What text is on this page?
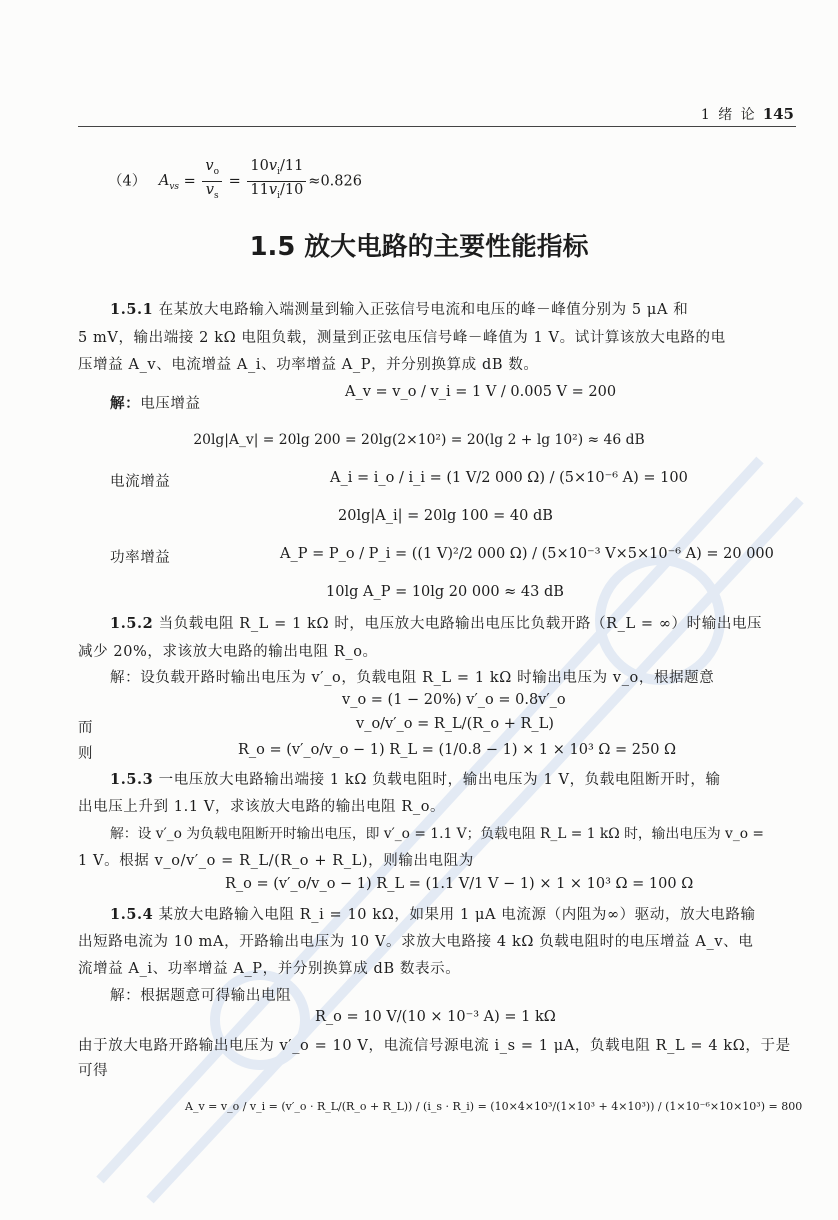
1 绪 论 145
（4） $A_{vs} = \frac{v_o}{v_s} = \frac{10v_i/11}{11v_i/10} \approx 0.826$
1.5 放大电路的主要性能指标
1.5.1 在某放大电路输入端测量到输入正弦信号电流和电压的峰－峰值分别为 5 μA 和
5 mV，输出端接 2 kΩ 电阻负载，测量到正弦电压信号峰－峰值为 1 V。试计算该放大电路的电
压增益 A_v、电流增益 A_i、功率增益 A_P，并分别换算成 dB 数。
解：电压增益
A_v = v_o / v_i = 1 V / 0.005 V = 200
20lg|A_v| = 20lg 200 = 20lg(2×10²) = 20(lg 2 + lg 10²) ≈ 46 dB
电流增益	A_i = i_o / i_i = (1 V/2 000 Ω) / (5×10⁻⁶ A) = 100
20lg|A_i| = 20lg 100 = 40 dB
功率增益	A_P = P_o / P_i = ((1 V)²/2 000 Ω) / (5×10⁻³ V×5×10⁻⁶ A) = 20 000
10lg A_P = 10lg 20 000 ≈ 43 dB
1.5.2 当负载电阻 R_L = 1 kΩ 时，电压放大电路输出电压比负载开路（R_L = ∞）时输出电压
减少 20%，求该放大电路的输出电阻 R_o。
解：设负载开路时输出电压为 v′_o，负载电阻 R_L = 1 kΩ 时输出电压为 v_o，根据题意
v_o = (1 − 20%) v′_o = 0.8v′_o
而	v_o/v′_o = R_L/(R_o + R_L)
则	R_o = (v′_o/v_o − 1) R_L = (1/0.8 − 1) × 1 × 10³ Ω = 250 Ω
1.5.3 一电压放大电路输出端接 1 kΩ 负载电阻时，输出电压为 1 V，负载电阻断开时，输
出电压上升到 1.1 V，求该放大电路的输出电阻 R_o。
解：设 v′_o 为负载电阻断开时输出电压，即 v′_o = 1.1 V；负载电阻 R_L = 1 kΩ 时，输出电压为 v_o =
1 V。根据 v_o/v′_o = R_L/(R_o + R_L)，则输出电阻为
R_o = (v′_o/v_o − 1) R_L = (1.1 V/1 V − 1) × 1 × 10³ Ω = 100 Ω
1.5.4 某放大电路输入电阻 R_i = 10 kΩ，如果用 1 μA 电流源（内阻为∞）驱动，放大电路输
出短路电流为 10 mA，开路输出电压为 10 V。求放大电路接 4 kΩ 负载电阻时的电压增益 A_v、电
流增益 A_i、功率增益 A_P，并分别换算成 dB 数表示。
解：根据题意可得输出电阻
R_o = 10 V/(10 × 10⁻³ A) = 1 kΩ
由于放大电路开路输出电压为 v′_o = 10 V，电流信号源电流 i_s = 1 μA，负载电阻 R_L = 4 kΩ，于是
可得
A_v = v_o / v_i = (v′_o · R_L/(R_o + R_L)) / (i_s · R_i) = (10×4×10³/(1×10³ + 4×10³)) / (1×10⁻⁶×10×10³) = 800
